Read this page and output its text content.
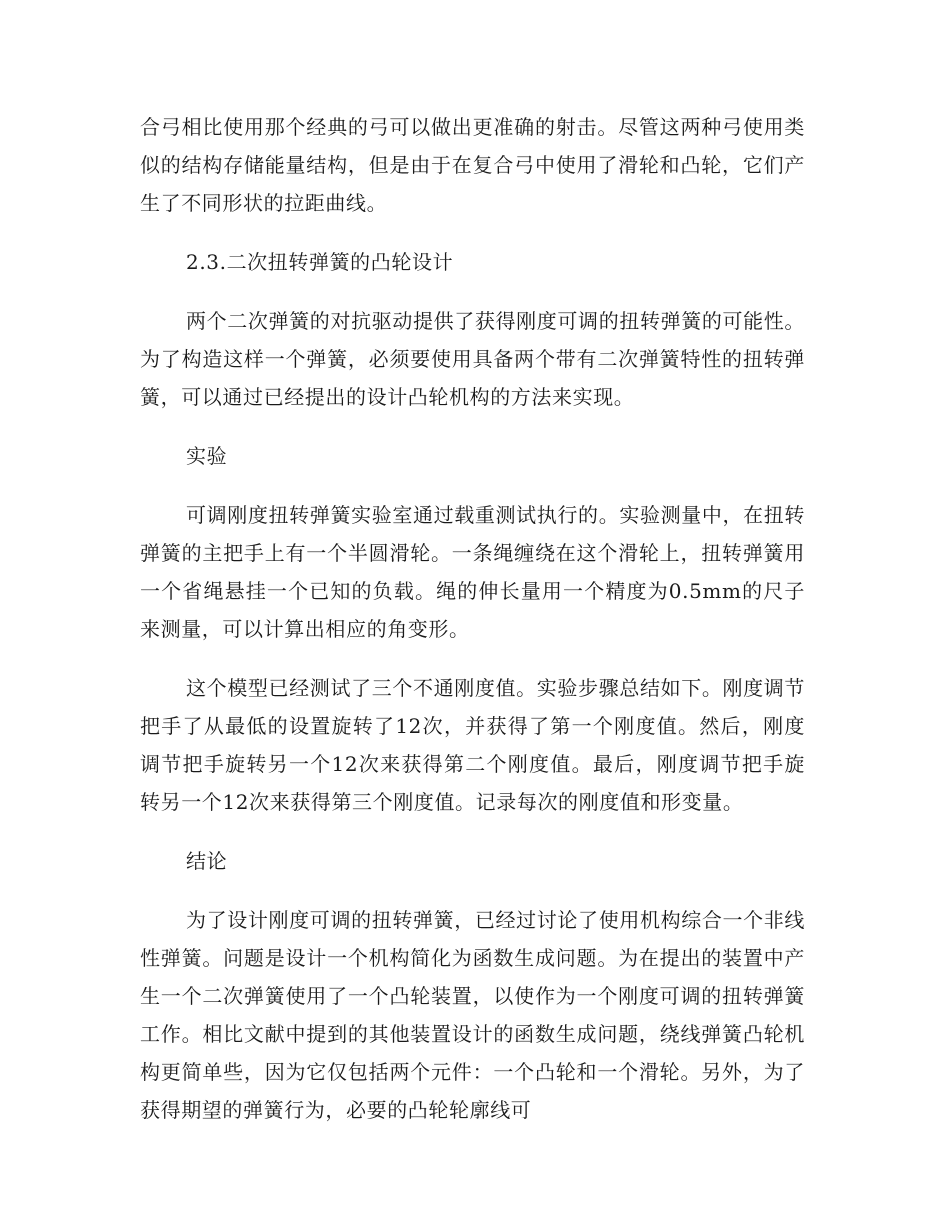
合弓相比使用那个经典的弓可以做出更准确的射击。尽管这两种弓使用类似的结构存储能量结构，但是由于在复合弓中使用了滑轮和凸轮，它们产生了不同形状的拉距曲线。

2.3.二次扭转弹簧的凸轮设计

两个二次弹簧的对抗驱动提供了获得刚度可调的扭转弹簧的可能性。为了构造这样一个弹簧，必须要使用具备两个带有二次弹簧特性的扭转弹簧，可以通过已经提出的设计凸轮机构的方法来实现。

实验

可调刚度扭转弹簧实验室通过载重测试执行的。实验测量中，在扭转弹簧的主把手上有一个半圆滑轮。一条绳缠绕在这个滑轮上，扭转弹簧用一个省绳悬挂一个已知的负载。绳的伸长量用一个精度为0.5mm的尺子来测量，可以计算出相应的角变形。

这个模型已经测试了三个不通刚度值。实验步骤总结如下。刚度调节把手了从最低的设置旋转了12次，并获得了第一个刚度值。然后，刚度调节把手旋转另一个12次来获得第二个刚度值。最后，刚度调节把手旋转另一个12次来获得第三个刚度值。记录每次的刚度值和形变量。

结论

为了设计刚度可调的扭转弹簧，已经过讨论了使用机构综合一个非线性弹簧。问题是设计一个机构简化为函数生成问题。为在提出的装置中产生一个二次弹簧使用了一个凸轮装置，以使作为一个刚度可调的扭转弹簧工作。相比文献中提到的其他装置设计的函数生成问题，绕线弹簧凸轮机构更简单些，因为它仅包括两个元件：一个凸轮和一个滑轮。另外，为了获得期望的弹簧行为，必要的凸轮轮廓线可
